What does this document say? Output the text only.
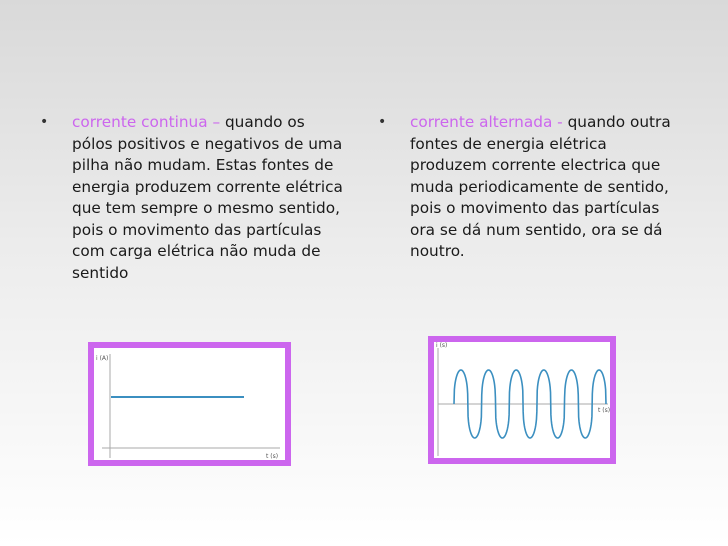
• corrente continua – quando os pólos positivos e negativos de uma pilha não mudam. Estas fontes de energia produzem corrente elétrica que tem sempre o mesmo sentido, pois o movimento das partículas com carga elétrica não muda de sentido
• corrente alternada - quando outra fontes de energia elétrica produzem corrente electrica que muda periodicamente de sentido, pois o movimento das partículas ora se dá num sentido, ora se dá noutro.
i (A)
t (s)
i (s)
t (s)
